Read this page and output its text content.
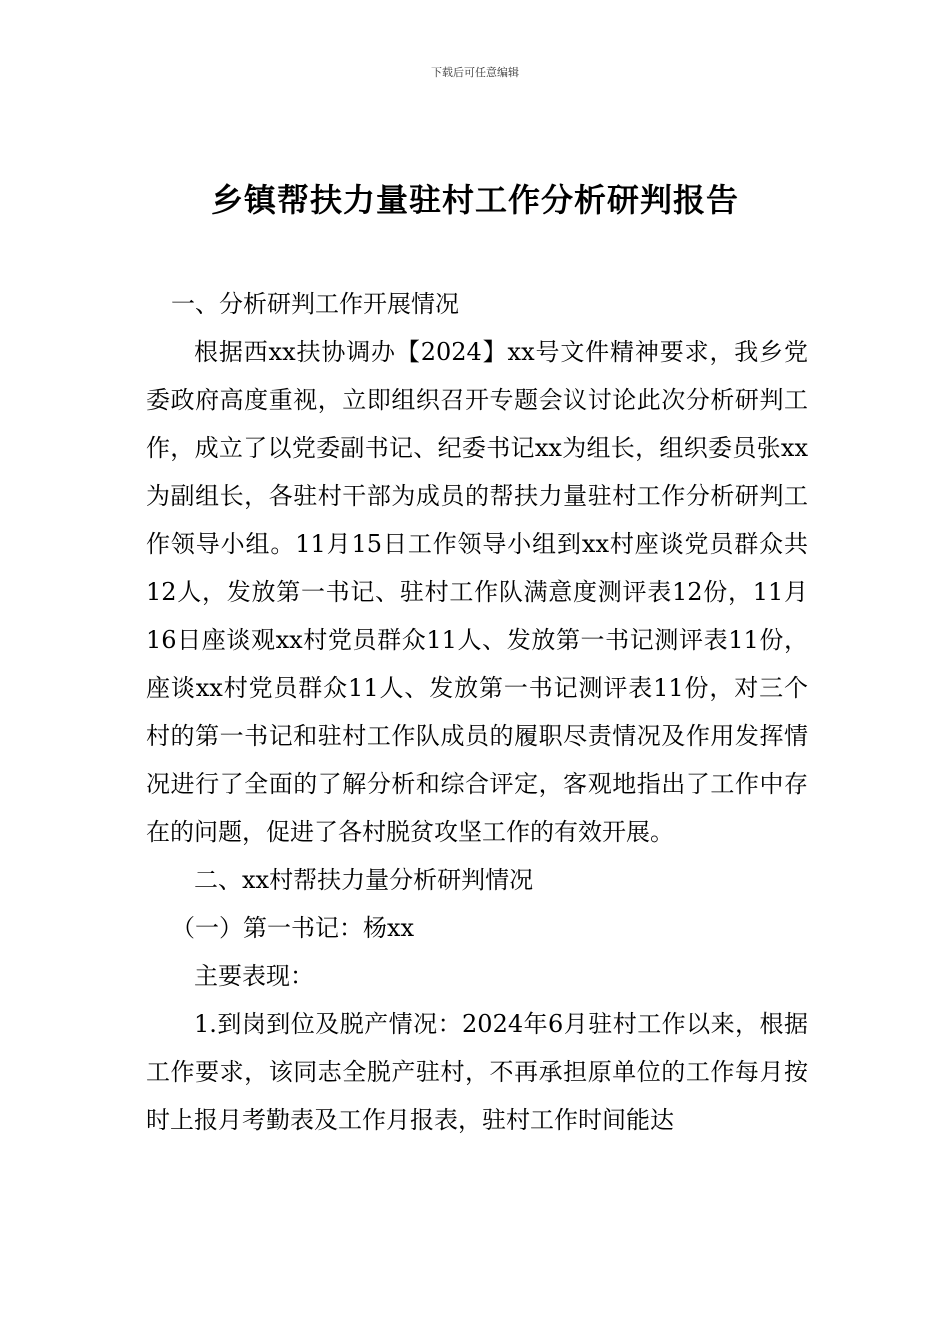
下载后可任意编辑
乡镇帮扶力量驻村工作分析研判报告

一、分析研判工作开展情况

根据西xx扶协调办【2024】xx号文件精神要求，我乡党委政府高度重视，立即组织召开专题会议讨论此次分析研判工作，成立了以党委副书记、纪委书记xx为组长，组织委员张xx为副组长，各驻村干部为成员的帮扶力量驻村工作分析研判工作领导小组。11月15日工作领导小组到xx村座谈党员群众共12人，发放第一书记、驻村工作队满意度测评表12份，11月16日座谈观xx村党员群众11人、发放第一书记测评表11份，座谈xx村党员群众11人、发放第一书记测评表11份，对三个村的第一书记和驻村工作队成员的履职尽责情况及作用发挥情况进行了全面的了解分析和综合评定，客观地指出了工作中存在的问题，促进了各村脱贫攻坚工作的有效开展。

二、xx村帮扶力量分析研判情况

（一）第一书记：杨xx

主要表现：

1.到岗到位及脱产情况：2024年6月驻村工作以来，根据工作要求，该同志全脱产驻村，不再承担原单位的工作每月按时上报月考勤表及工作月报表，驻村工作时间能达
